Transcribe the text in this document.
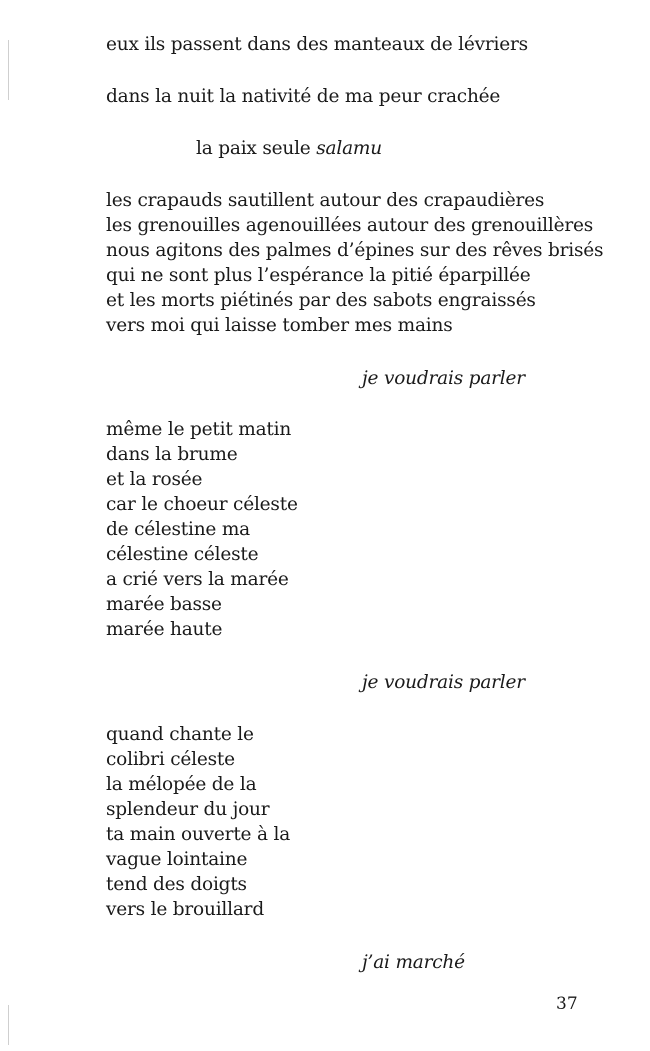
eux ils passent dans des manteaux de lévriers
dans la nuit la nativité de ma peur crachée
la paix seule salamu
les crapauds sautillent autour des crapaudières
les grenouilles agenouillées autour des grenouillères
nous agitons des palmes d’épines sur des rêves brisés
qui ne sont plus l’espérance la pitié éparpillée
et les morts piétinés par des sabots engraissés
vers moi qui laisse tomber mes mains
je voudrais parler
même le petit matin
dans la brume
et la rosée
car le choeur céleste
de célestine ma
célestine céleste
a crié vers la marée
marée basse
marée haute
je voudrais parler
quand chante le
colibri céleste
la mélopée de la
splendeur du jour
ta main ouverte à la
vague lointaine
tend des doigts
vers le brouillard
j’ai marché
37
